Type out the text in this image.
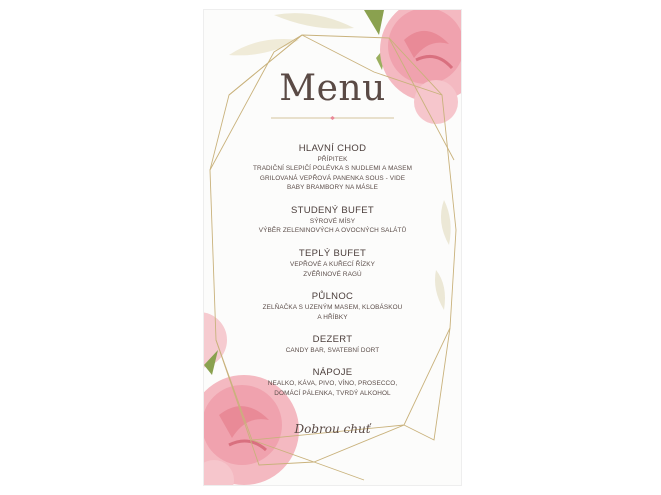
Menu
HLAVNÍ CHOD
PŘÍPITEK
TRADIČNÍ SLEPIČÍ POLÉVKA S NUDLEMI A MASEM
GRILOVANÁ VEPŘOVÁ PANENKA SOUS - VIDE
BABY BRAMBORY NA MÁSLE
STUDENÝ BUFET
SÝROVÉ MÍSY
VÝBĚR ZELENINOVÝCH A OVOCNÝCH SALÁTŮ
TEPLÝ BUFET
VEPŘOVÉ A KUŘECÍ ŘÍZKY
ZVĚŘINOVÉ RAGÚ
PŮLNOC
ZELŇAČKA S UZENÝM MASEM, KLOBÁSKOU
A HŘÍBKY
DEZERT
CANDY BAR, SVATEBNÍ DORT
NÁPOJE
NEALKO, KÁVA, PIVO, VÍNO, PROSECCO,
DOMÁCÍ PÁLENKA, TVRDÝ ALKOHOL
Dobrou chuť
